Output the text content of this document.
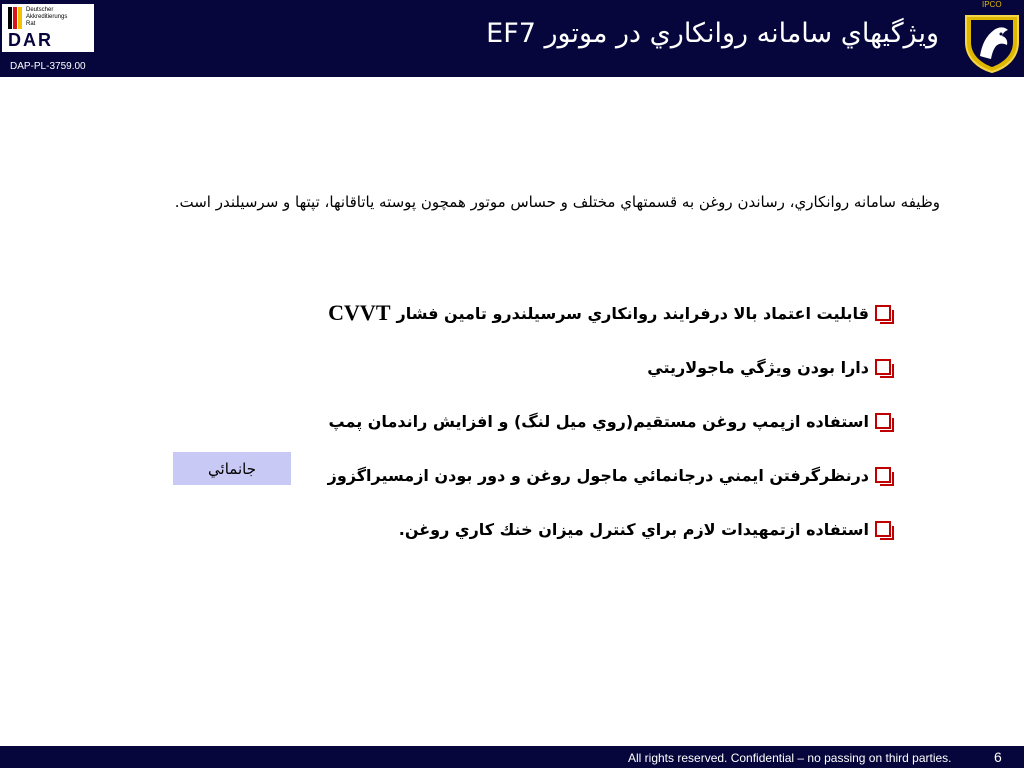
Deutscher
Akkreditierungs
Rat
DAR
DAP-PL-3759.00
ويژگيهاي سامانه روانكاري در موتور EF7
IPCO
وظيفه سامانه روانكاري، رساندن روغن به قسمتهاي مختلف و حساس موتور همچون پوسته ياتاقانها، تپتها و سرسيلندر است.
قابليت اعتماد بالا درفرايند روانكاري سرسيلندرو تامين فشار
CVVT
دارا بودن ويژگي ماجولاريتي
استفاده ازپمپ روغن مستقيم(روي ميل لنگ) و افزايش راندمان پمپ
درنظرگرفتن ايمني درجانمائي ماجول روغن و دور بودن ازمسيراگزوز
استفاده ازتمهيدات لازم براي كنترل ميزان خنك كاري روغن.
جانمائي
All rights reserved. Confidential – no passing on third parties.	6
